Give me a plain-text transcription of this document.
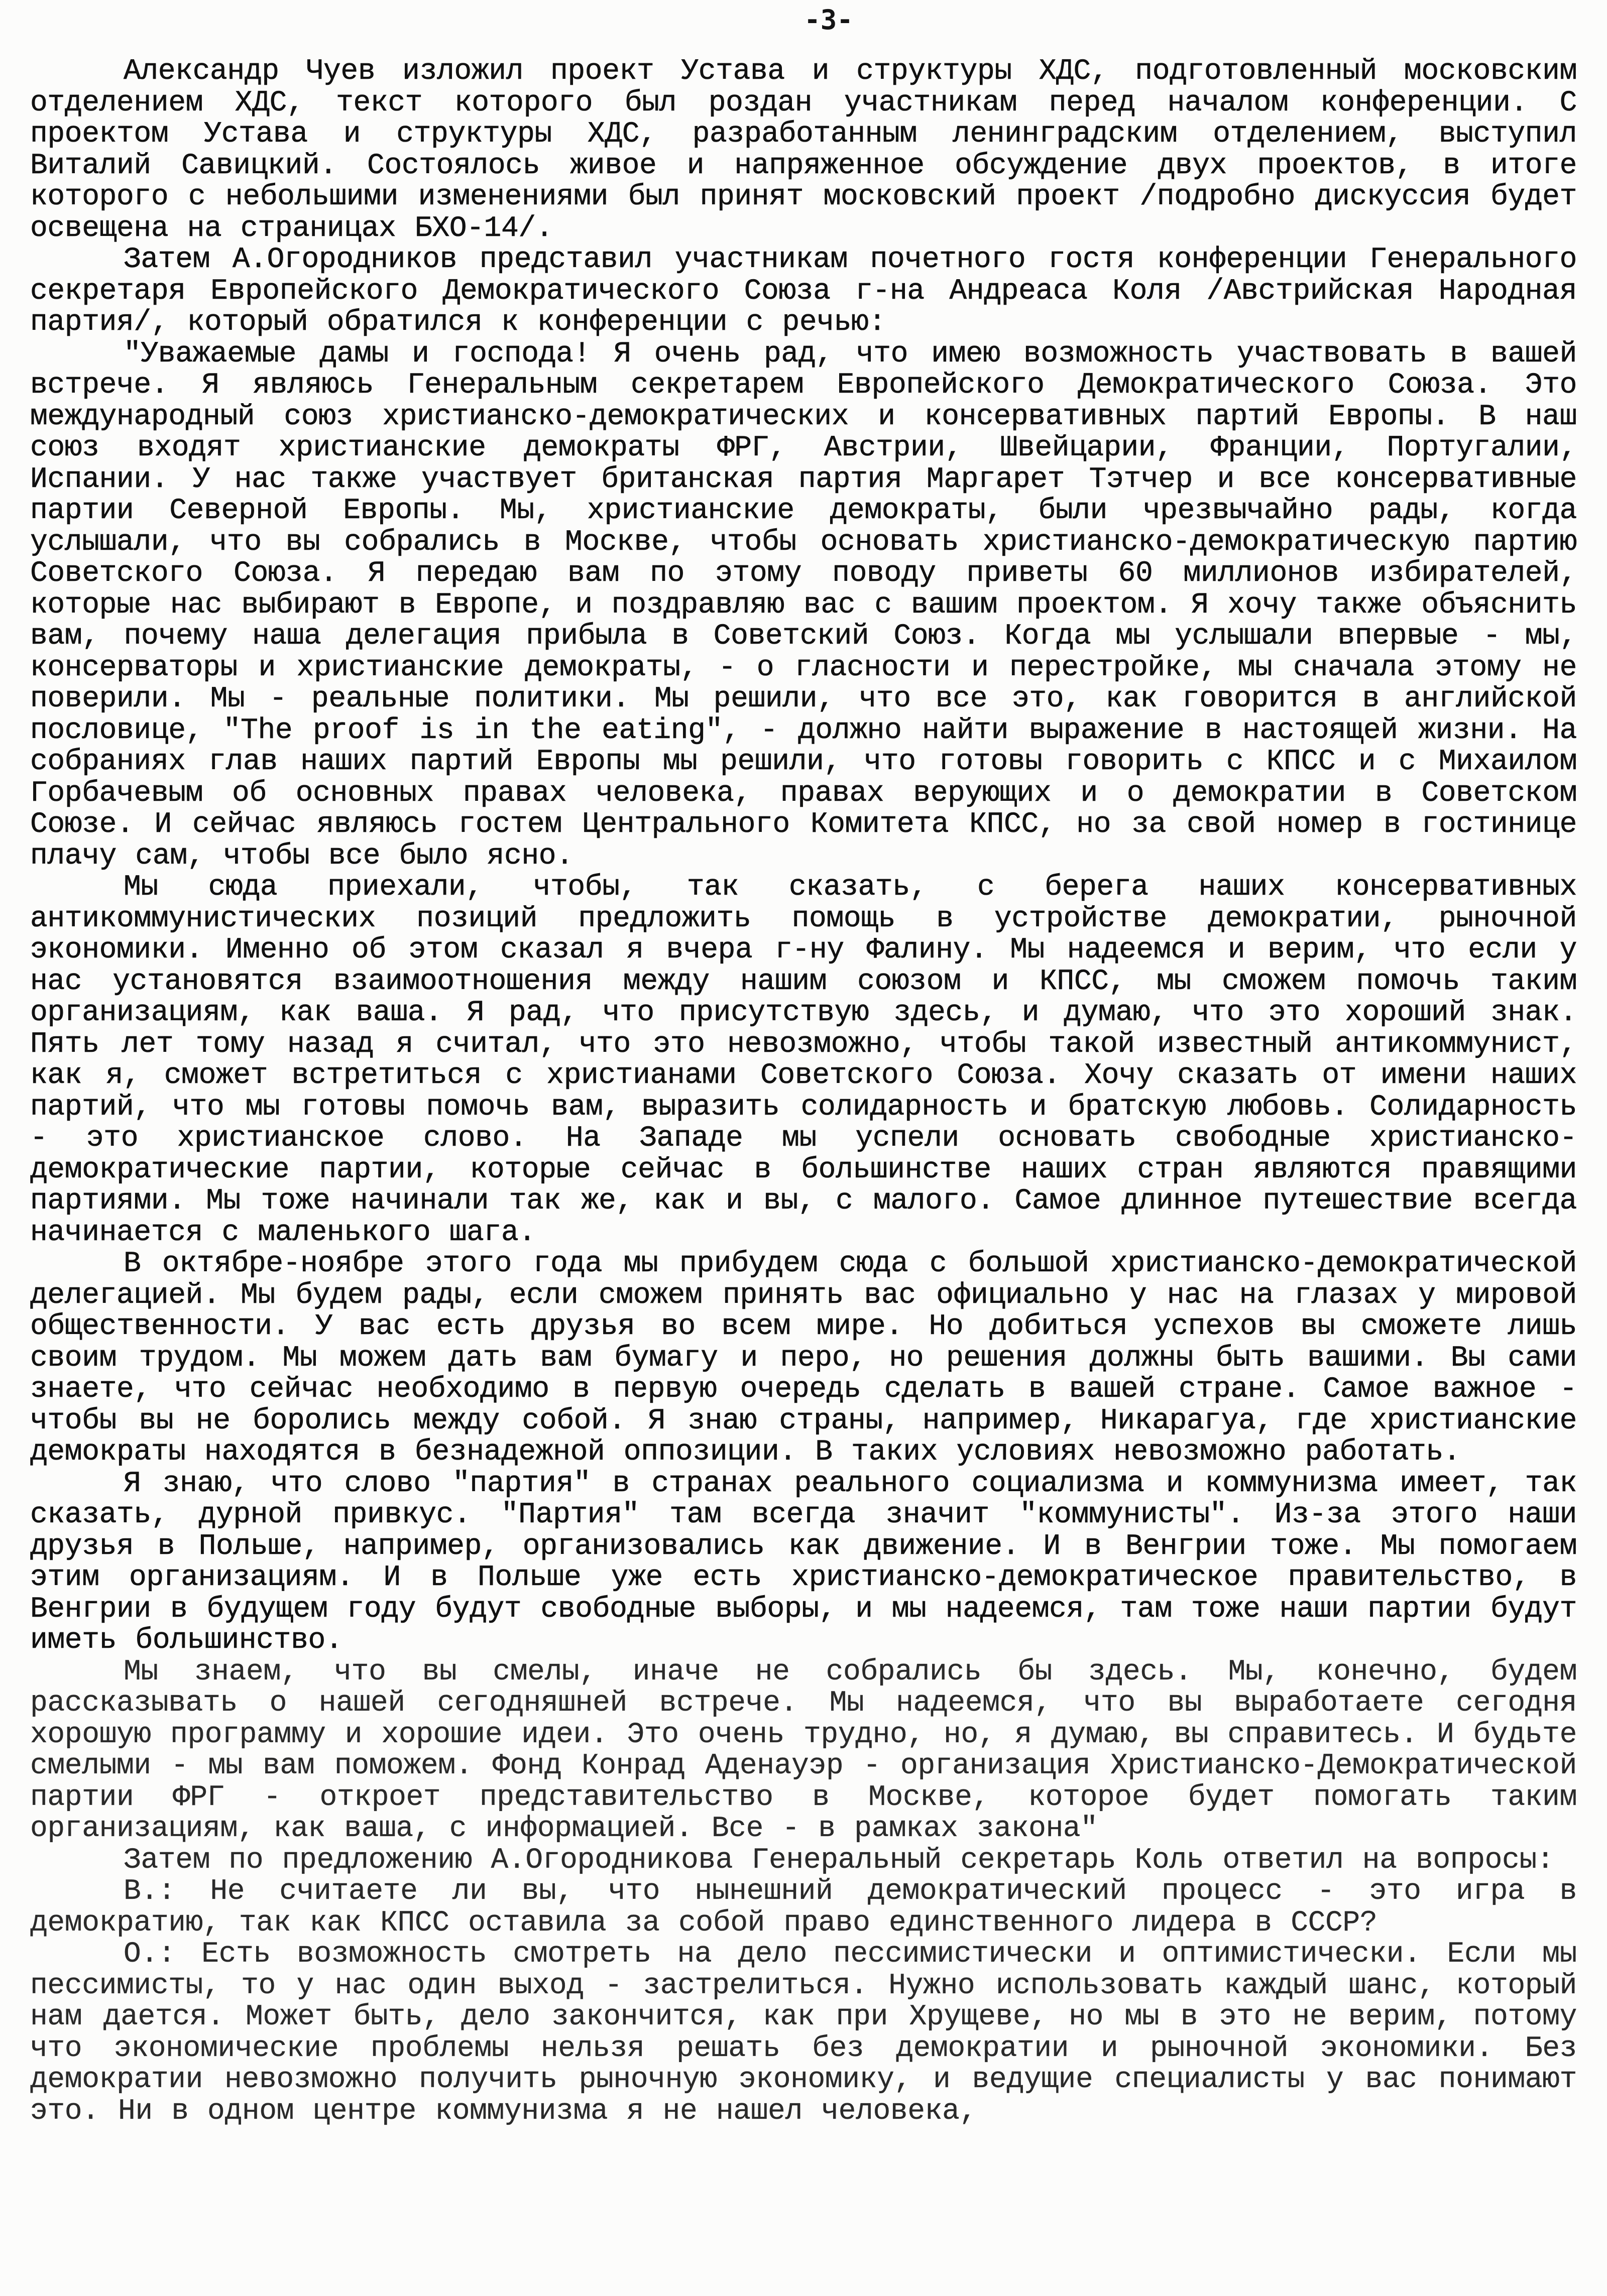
-3-

Александр Чуев изложил проект Устава и структуры ХДС, подготовленный московским отделением ХДС, текст которого был роздан участникам перед началом конференции. С проектом Устава и структуры ХДС, разработанным ленинградским отделением, выступил Виталий Савицкий. Состоялось живое и напряженное обсуждение двух проектов, в итоге которого с небольшими изменениями был принят московский проект /подробно дискуссия будет освещена на страницах БХО-14/.

Затем А.Огородников представил участникам почетного гостя конференции Генерального секретаря Европейского Демократического Союза г-на Андреаса Коля /Австрийская Народная партия/, который обратился к конференции с речью:

"Уважаемые дамы и господа! Я очень рад, что имею возможность участвовать в вашей встрече. Я являюсь Генеральным секретарем Европейского Демократического Союза. Это международный союз христианско-демократических и консервативных партий Европы. В наш союз входят христианские демократы ФРГ, Австрии, Швейцарии, Франции, Португалии, Испании. У нас также участвует британская партия Маргарет Тэтчер и все консервативные партии Северной Европы. Мы, христианские демократы, были чрезвычайно рады, когда услышали, что вы собрались в Москве, чтобы основать христианско-демократическую партию Советского Союза. Я передаю вам по этому поводу приветы 60 миллионов избирателей, которые нас выбирают в Европе, и поздравляю вас с вашим проектом. Я хочу также объяснить вам, почему наша делегация прибыла в Советский Союз. Когда мы услышали впервые - мы, консерваторы и христианские демократы, - о гласности и перестройке, мы сначала этому не поверили. Мы - реальные политики. Мы решили, что все это, как говорится в английской пословице, "The proof is in the eating", - должно найти выражение в настоящей жизни. На собраниях глав наших партий Европы мы решили, что готовы говорить с КПСС и с Михаилом Горбачевым об основных правах человека, правах верующих и о демократии в Советском Союзе. И сейчас являюсь гостем Центрального Комитета КПСС, но за свой номер в гостинице плачу сам, чтобы все было ясно.

Мы сюда приехали, чтобы, так сказать, с берега наших консервативных антикоммунистических позиций предложить помощь в устройстве демократии, рыночной экономики. Именно об этом сказал я вчера г-ну Фалину. Мы надеемся и верим, что если у нас установятся взаимоотношения между нашим союзом и КПСС, мы сможем помочь таким организациям, как ваша. Я рад, что присутствую здесь, и думаю, что это хороший знак. Пять лет тому назад я считал, что это невозможно, чтобы такой известный антикоммунист, как я, сможет встретиться с христианами Советского Союза. Хочу сказать от имени наших партий, что мы готовы помочь вам, выразить солидарность и братскую любовь. Солидарность - это христианское слово. На Западе мы успели основать свободные христианско-демократические партии, которые сейчас в большинстве наших стран являются правящими партиями. Мы тоже начинали так же, как и вы, с малого. Самое длинное путешествие всегда начинается с маленького шага.

В октябре-ноябре этого года мы прибудем сюда с большой христианско-демократической делегацией. Мы будем рады, если сможем принять вас официально у нас на глазах у мировой общественности. У вас есть друзья во всем мире. Но добиться успехов вы сможете лишь своим трудом. Мы можем дать вам бумагу и перо, но решения должны быть вашими. Вы сами знаете, что сейчас необходимо в первую очередь сделать в вашей стране. Самое важное - чтобы вы не боролись между собой. Я знаю страны, например, Никарагуа, где христианские демократы находятся в безнадежной оппозиции. В таких условиях невозможно работать.

Я знаю, что слово "партия" в странах реального социализма и коммунизма имеет, так сказать, дурной привкус. "Партия" там всегда значит "коммунисты". Из-за этого наши друзья в Польше, например, организовались как движение. И в Венгрии тоже. Мы помогаем этим организациям. И в Польше уже есть христианско-демократическое правительство, в Венгрии в будущем году будут свободные выборы, и мы надеемся, там тоже наши партии будут иметь большинство.

Мы знаем, что вы смелы, иначе не собрались бы здесь. Мы, конечно, будем рассказывать о нашей сегодняшней встрече. Мы надеемся, что вы выработаете сегодня хорошую программу и хорошие идеи. Это очень трудно, но, я думаю, вы справитесь. И будьте смелыми - мы вам поможем. Фонд Конрад Аденауэр - организация Христианско-Демократической партии ФРГ - откроет представительство в Москве, которое будет помогать таким организациям, как ваша, с информацией. Все - в рамках закона"

Затем по предложению А.Огородникова Генеральный секретарь Коль ответил на вопросы:

В.: Не считаете ли вы, что нынешний демократический процесс - это игра в демократию, так как КПСС оставила за собой право единственного лидера в СССР?

О.: Есть возможность смотреть на дело пессимистически и оптимистически. Если мы пессимисты, то у нас один выход - застрелиться. Нужно использовать каждый шанс, который нам дается. Может быть, дело закончится, как при Хрущеве, но мы в это не верим, потому что экономические проблемы нельзя решать без демократии и рыночной экономики. Без демократии невозможно получить рыночную экономику, и ведущие специалисты у вас понимают это. Ни в одном центре коммунизма я не нашел человека,
